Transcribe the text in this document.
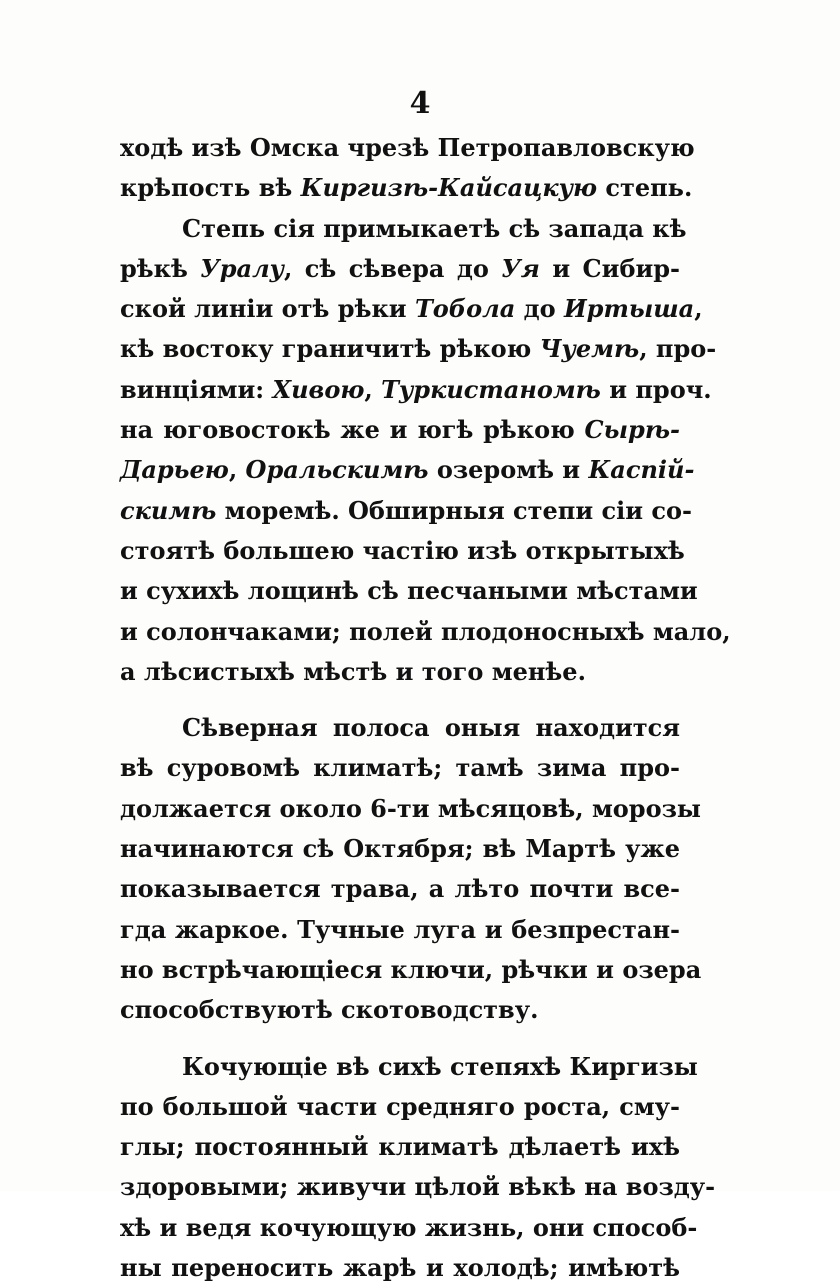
4
ходѣ изѣ Омска чрезѣ Петропавловскую
крѣпость вѣ Киргизѣ-Кайсацкую степь.
Степь сія примыкаетѣ сѣ запада кѣ
рѣкѣ Уралу, сѣ сѣвера до Уя и Сибир-
ской линіи отѣ рѣки Тобола до Иртыша,
кѣ востоку граничитѣ рѣкою Чуемѣ, про-
винціями: Хивою, Туркистаномѣ и проч.
на юговостокѣ же и югѣ рѣкою Сырѣ-
Дарьею, Оральскимѣ озеромѣ и Каспій-
скимѣ моремѣ. Обширныя степи сіи со-
стоятѣ большею частію изѣ открытыхѣ
и сухихѣ лощинѣ сѣ песчаными мѣстами
и солончаками; полей плодоносныхѣ мало,
а лѣсистыхѣ мѣстѣ и того менѣе.
Сѣверная полоса оныя находится
вѣ суровомѣ климатѣ; тамѣ зима про-
должается около 6-ти мѣсяцовѣ, морозы
начинаются сѣ Октября; вѣ Мартѣ уже
показывается трава, а лѣто почти все-
гда жаркое. Тучные луга и безпрестан-
но встрѣчающіеся ключи, рѣчки и озера
способствуютѣ скотоводству.
Кочующіе вѣ сихѣ степяхѣ Киргизы
по большой части средняго роста, сму-
глы; постоянный климатѣ дѣлаетѣ ихѣ
здоровыми; живучи цѣлой вѣкѣ на возду-
хѣ и ведя кочующую жизнь, они способ-
ны переносить жарѣ и холодѣ; имѣютѣ
